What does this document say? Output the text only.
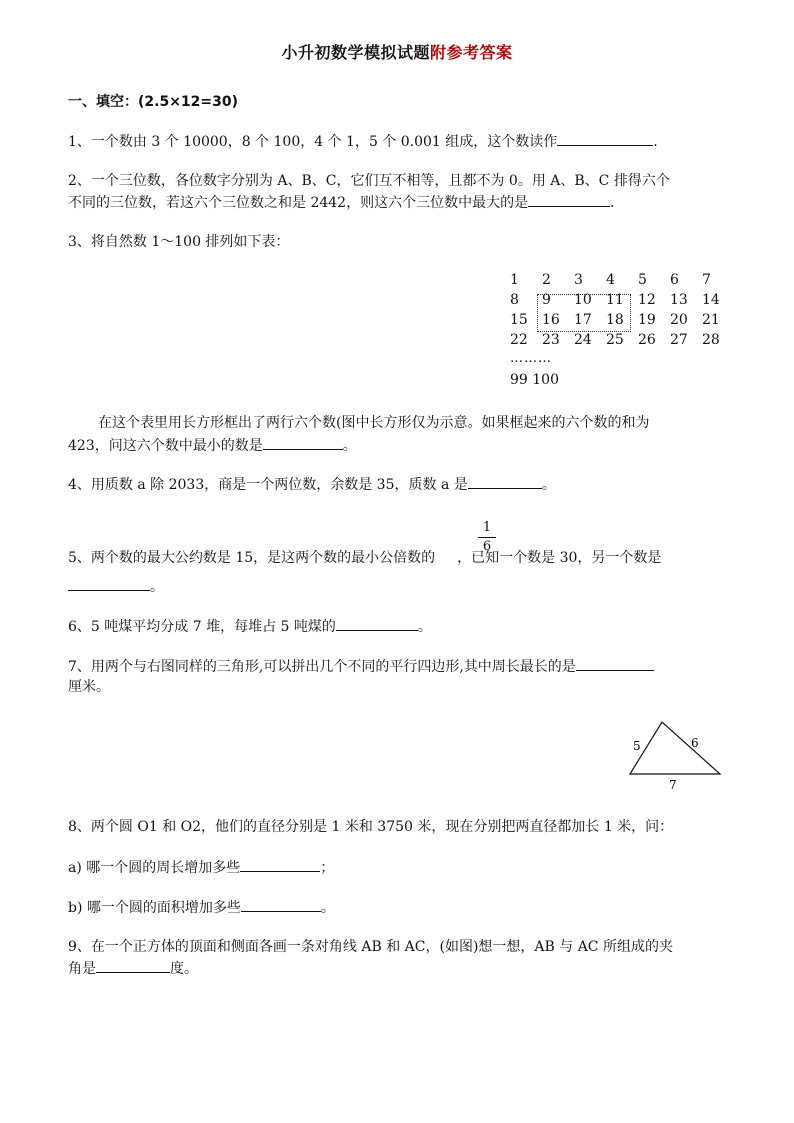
小升初数学模拟试题附参考答案
一、填空：(2.5×12=30)
1、一个数由 3 个 10000，8 个 100，4 个 1，5 个 0.001 组成，这个数读作	.
2、一个三位数，各位数字分别为 A、B、C，它们互不相等，且都不为 0。用 A、B、C 排得六个
不同的三位数，若这六个三位数之和是 2442，则这六个三位数中最大的是	.
3、将自然数 1～100 排列如下表：
1 2 3 4 5 6 7
8 9 10 11 12 13 14
15 16 17 18 19 20 21
22 23 24 25 26 27 28
………
99 100
在这个表里用长方形框出了两行六个数(图中长方形仅为示意。如果框起来的六个数的和为
423，问这六个数中最小的数是	。
4、用质数 a 除 2033，商是一个两位数，余数是 35，质数 a 是	。
5、两个数的最大公约数是 15，是这两个数的最小公倍数的 ，已知一个数是 30，另一个数是
1
6
。
6、5 吨煤平均分成 7 堆，每堆占 5 吨煤的	。
7、用两个与右图同样的三角形,可以拼出几个不同的平行四边形,其中周长最长的是
厘米。
5	6
7
8、两个圆 O1 和 O2，他们的直径分别是 1 米和 3750 米，现在分别把两直径都加长 1 米，问：
a) 哪一个圆的周长增加多些	；
b) 哪一个圆的面积增加多些	。
9、在一个正方体的顶面和侧面各画一条对角线 AB 和 AC，(如图)想一想，AB 与 AC 所组成的夹
角是	度。
